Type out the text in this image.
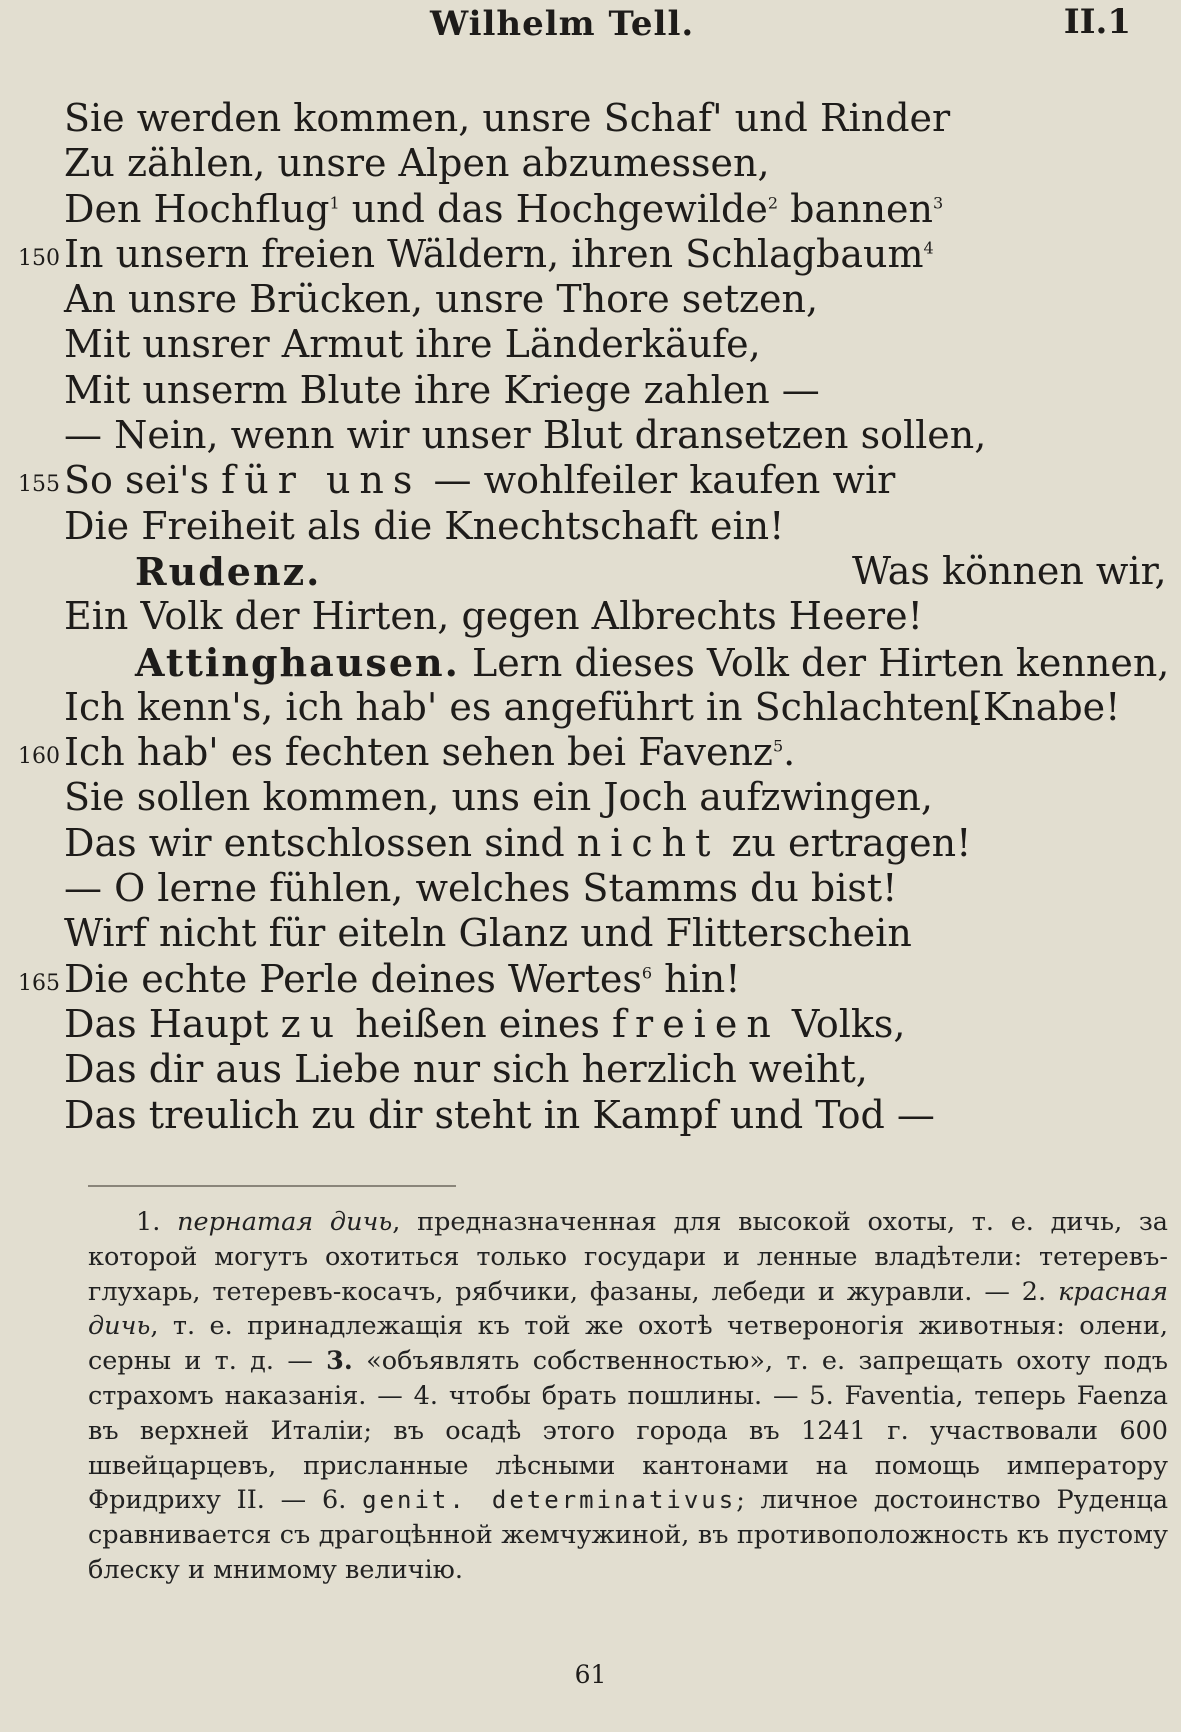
Wilhelm Tell.	II.1
Sie werden kommen, unsre Schaf' und Rinder
Zu zählen, unsre Alpen abzumessen,
Den Hochflug$^1$ und das Hochgewilde$^2$ bannen$^3$
150 In unsern freien Wäldern, ihren Schlagbaum$^4$
An unsre Brücken, unsre Thore setzen,
Mit unsrer Armut ihre Länderkäufe,
Mit unserm Blute ihre Kriege zahlen —
— Nein, wenn wir unser Blut dransetzen sollen,
155 So sei's für uns — wohlfeiler kaufen wir
Die Freiheit als die Knechtschaft ein!
Rudenz.	Was können wir,
Ein Volk der Hirten, gegen Albrechts Heere!
Attinghausen. Lern dieses Volk der Hirten kennen,
Ich kenn's, ich hab' es angeführt in Schlachten.
[Knabe!
160 Ich hab' es fechten sehen bei Favenz$^5$.
Sie sollen kommen, uns ein Joch aufzwingen,
Das wir entschlossen sind nicht zu ertragen!
— O lerne fühlen, welches Stamms du bist!
Wirf nicht für eiteln Glanz und Flitterschein
165 Die echte Perle deines Wertes$^6$ hin!
Das Haupt zu heißen eines freien Volks,
Das dir aus Liebe nur sich herzlich weiht,
Das treulich zu dir steht in Kampf und Tod —
1. пернатая дичь, предназначенная для высокой охоты, т. е. дичь, за которой могутъ охотиться только государи и ленные владѣтели: тетеревъ-глухарь, тетеревъ-косачъ, рябчики, фазаны, лебеди и журавли. — 2. красная дичь, т. е. принадлежащія къ той же охотѣ четвероногія животныя: олени, серны и т. д. — 3. «объявлять собственностью», т. е. запрещать охоту подъ страхомъ наказанія. — 4. чтобы брать пошлины. — 5. Faventia, теперь Faenza въ верхней Италіи; въ осадѣ этого города въ 1241 г. участвовали 600 швейцарцевъ, присланные лѣсными кантонами на помощь императору Фридриху II. — 6. genit. determinativus; личное достоинство Руденца сравнивается съ драгоцѣнной жемчужиной, въ противоположность къ пустому блеску и мнимому величію.
61
